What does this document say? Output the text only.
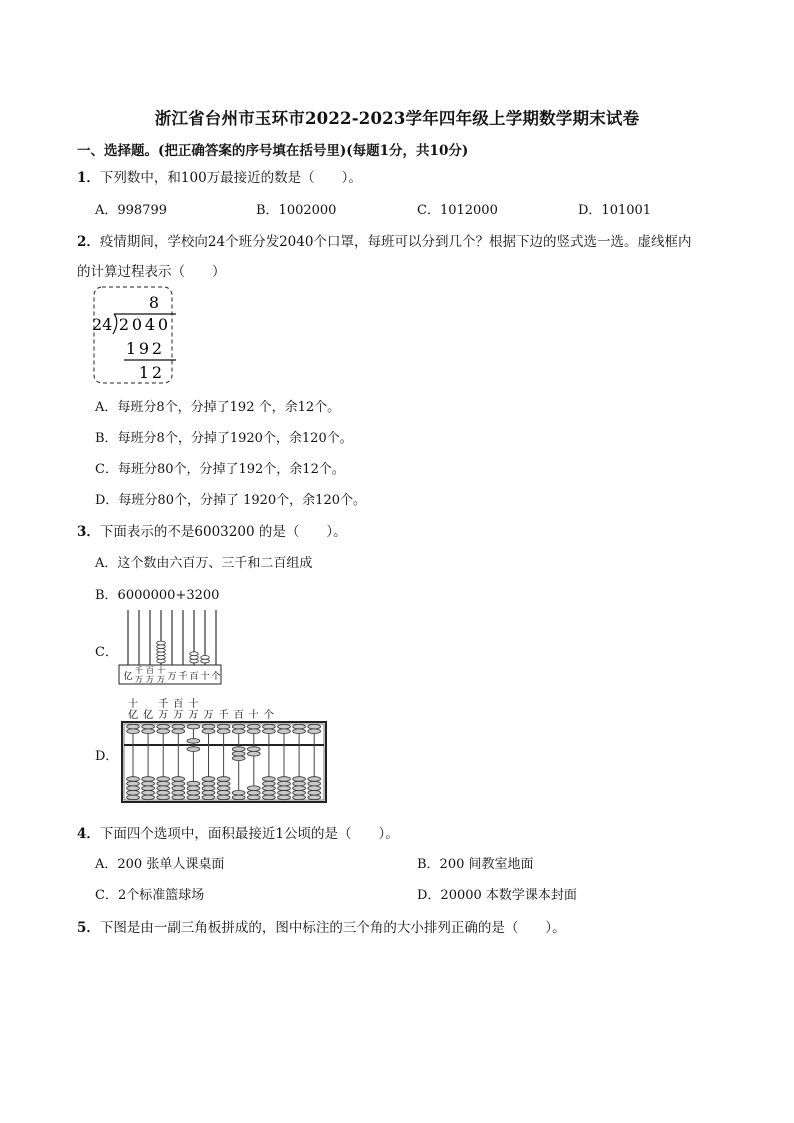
浙江省台州市玉环市2022-2023学年四年级上学期数学期末试卷
一、选择题。(把正确答案的序号填在括号里)(每题1分，共10分)
1．下列数中，和100万最接近的数是（　　）。
A．998799	B．1002000	C．1012000	D．101001
2．疫情期间，学校向24个班分发2040个口罩，每班可以分到几个？根据下边的竖式选一选。虚线框内
的计算过程表示（　　）
8
24 2 0 4 0
1 9 2
1 2
A．每班分8个，分掉了192 个，余12个。
B．每班分8个，分掉了1920个，余120个。
C．每班分80个，分掉了192个，余12个。
D．每班分80个，分掉了 1920个，余120个。
3．下面表示的不是6003200 的是（　　）。
A．这个数由六百万、三千和二百组成
B．6000000+3200
C．
D．
亿
千
万
百
万
十
万 万 千 百 十 个
十
亿 亿
千
万
百
万
十
万 万 千 百 十 个
4．下面四个选项中，面积最接近1公顷的是（　　）。
A．200 张单人课桌面	B．200 间教室地面
C．2个标准篮球场	D．20000 本数学课本封面
5．下图是由一副三角板拼成的，图中标注的三个角的大小排列正确的是（　　）。
